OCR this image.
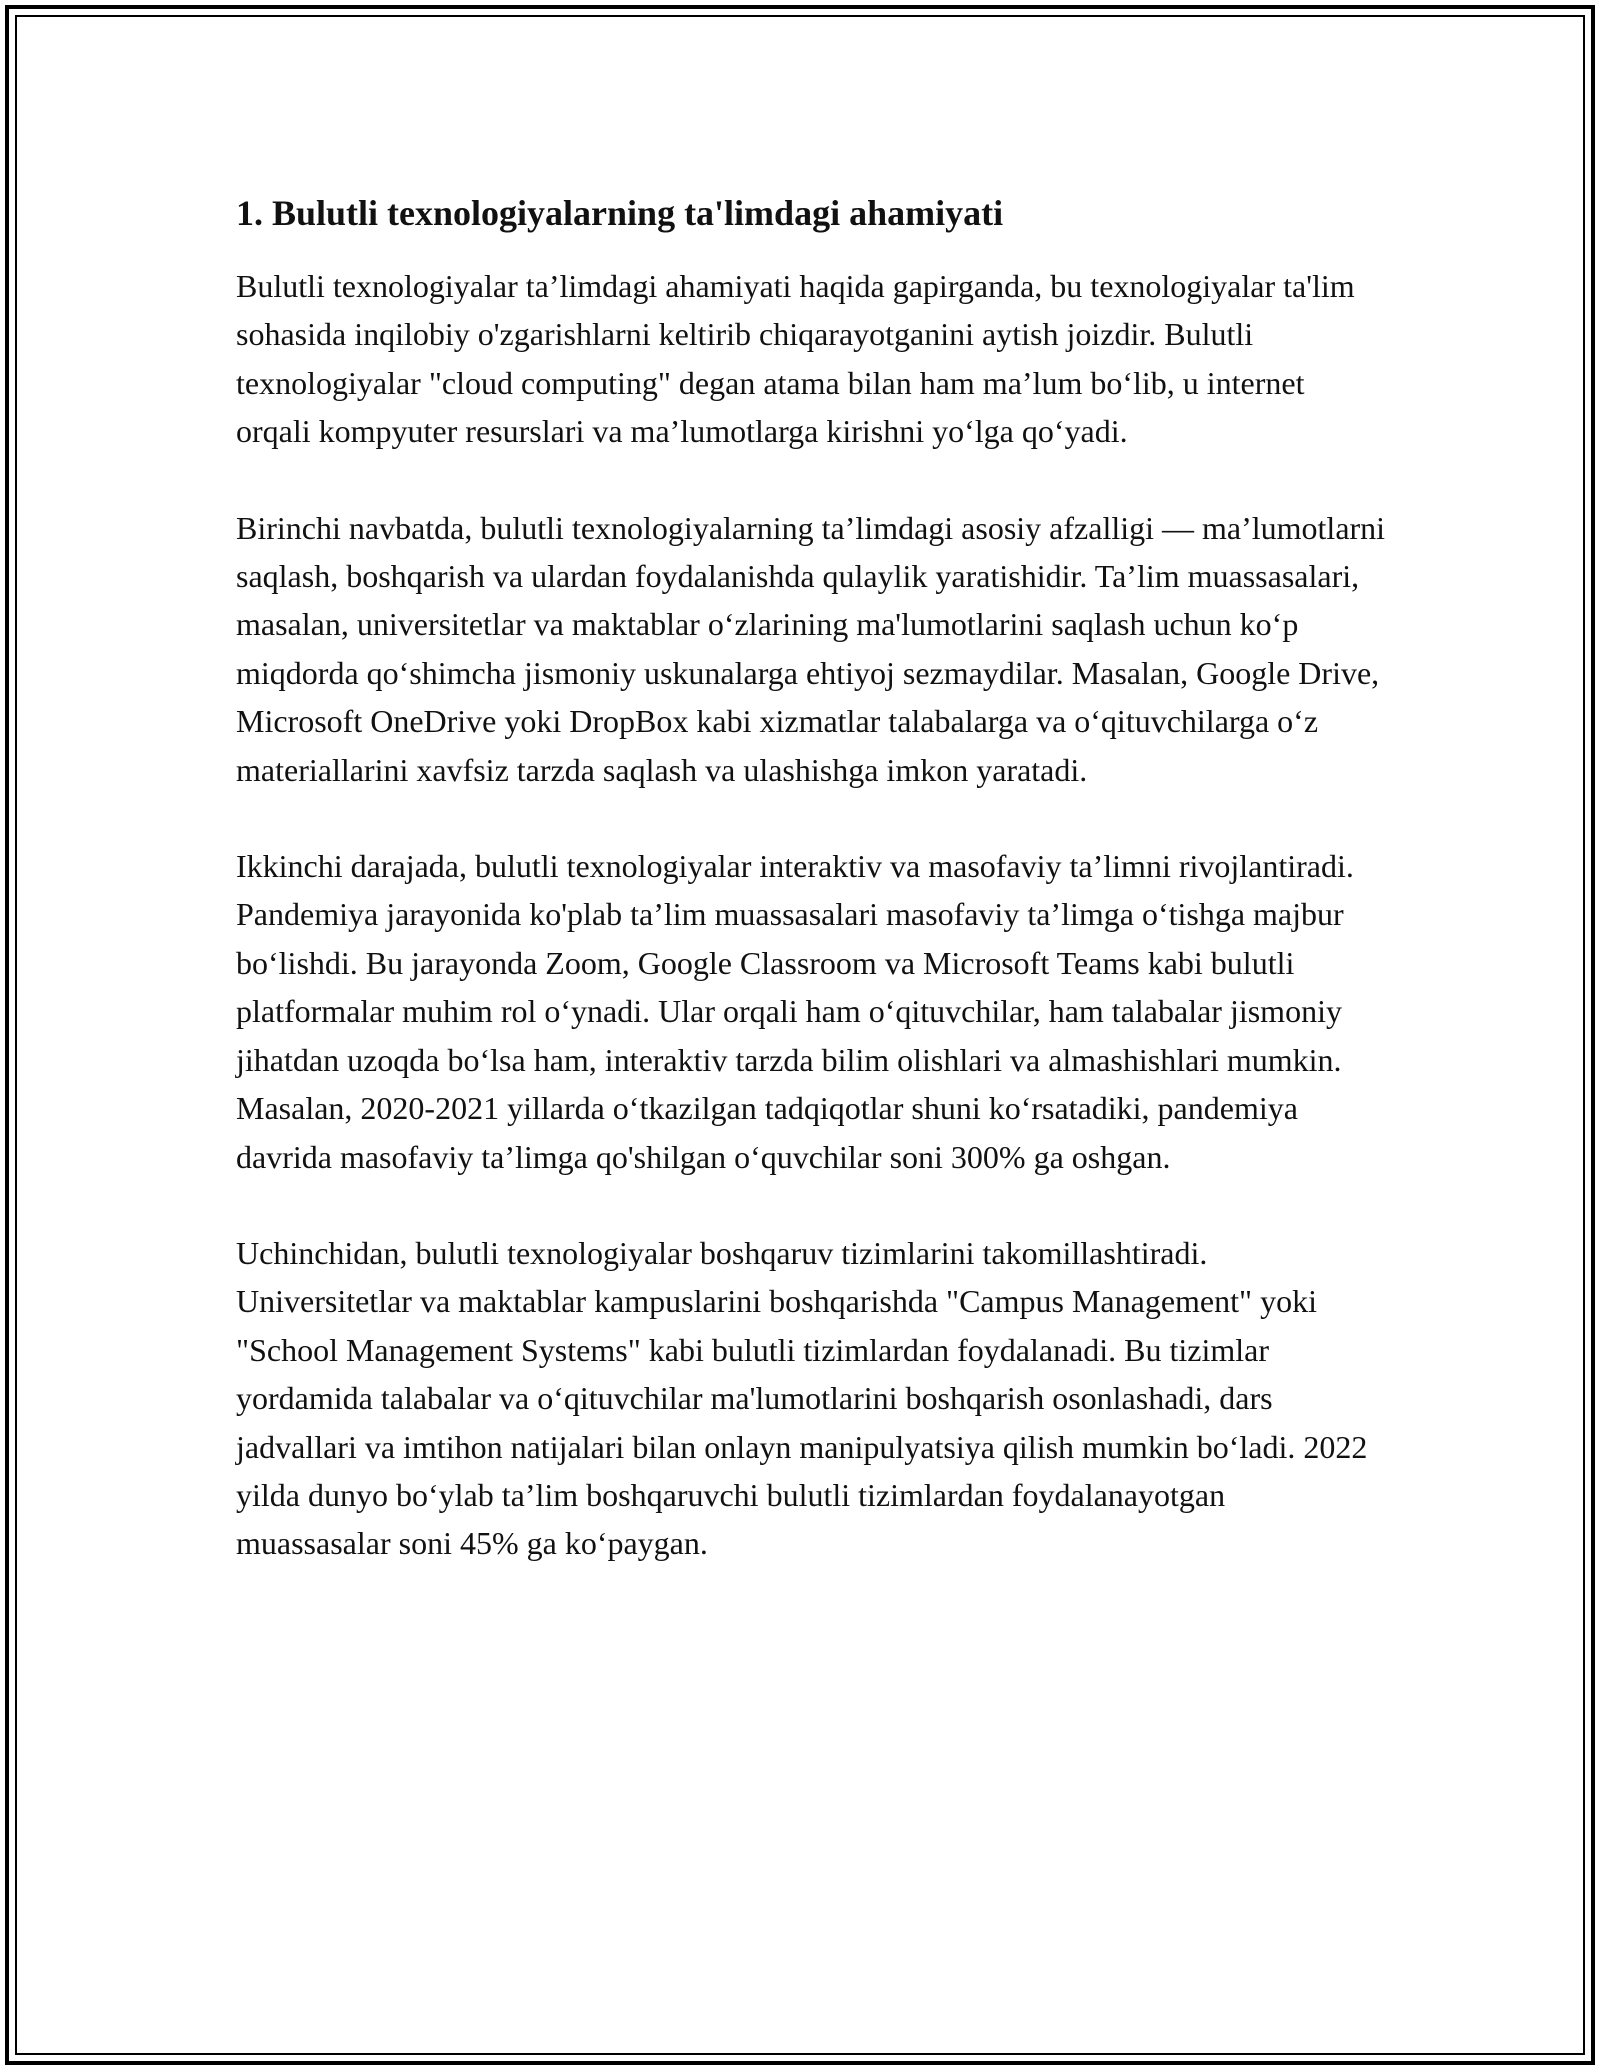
1. Bulutli texnologiyalarning ta'limdagi ahamiyati

Bulutli texnologiyalar ta’limdagi ahamiyati haqida gapirganda, bu texnologiyalar ta'lim sohasida inqilobiy o'zgarishlarni keltirib chiqarayotganini aytish joizdir. Bulutli texnologiyalar "cloud computing" degan atama bilan ham ma’lum bo‘lib, u internet orqali kompyuter resurslari va ma’lumotlarga kirishni yo‘lga qo‘yadi.

Birinchi navbatda, bulutli texnologiyalarning ta’limdagi asosiy afzalligi — ma’lumotlarni saqlash, boshqarish va ulardan foydalanishda qulaylik yaratishidir. Ta’lim muassasalari, masalan, universitetlar va maktablar o‘zlarining ma'lumotlarini saqlash uchun ko‘p miqdorda qo‘shimcha jismoniy uskunalarga ehtiyoj sezmaydilar. Masalan, Google Drive, Microsoft OneDrive yoki DropBox kabi xizmatlar talabalarga va o‘qituvchilarga o‘z materiallarini xavfsiz tarzda saqlash va ulashishga imkon yaratadi.

Ikkinchi darajada, bulutli texnologiyalar interaktiv va masofaviy ta’limni rivojlantiradi. Pandemiya jarayonida ko'plab ta’lim muassasalari masofaviy ta’limga o‘tishga majbur bo‘lishdi. Bu jarayonda Zoom, Google Classroom va Microsoft Teams kabi bulutli platformalar muhim rol o‘ynadi. Ular orqali ham o‘qituvchilar, ham talabalar jismoniy jihatdan uzoqda bo‘lsa ham, interaktiv tarzda bilim olishlari va almashishlari mumkin. Masalan, 2020-2021 yillarda o‘tkazilgan tadqiqotlar shuni ko‘rsatadiki, pandemiya davrida masofaviy ta’limga qo'shilgan o‘quvchilar soni 300% ga oshgan.

Uchinchidan, bulutli texnologiyalar boshqaruv tizimlarini takomillashtiradi. Universitetlar va maktablar kampuslarini boshqarishda "Campus Management" yoki "School Management Systems" kabi bulutli tizimlardan foydalanadi. Bu tizimlar yordamida talabalar va o‘qituvchilar ma'lumotlarini boshqarish osonlashadi, dars jadvallari va imtihon natijalari bilan onlayn manipulyatsiya qilish mumkin bo‘ladi. 2022 yilda dunyo bo‘ylab ta’lim boshqaruvchi bulutli tizimlardan foydalanayotgan muassasalar soni 45% ga ko‘paygan.
